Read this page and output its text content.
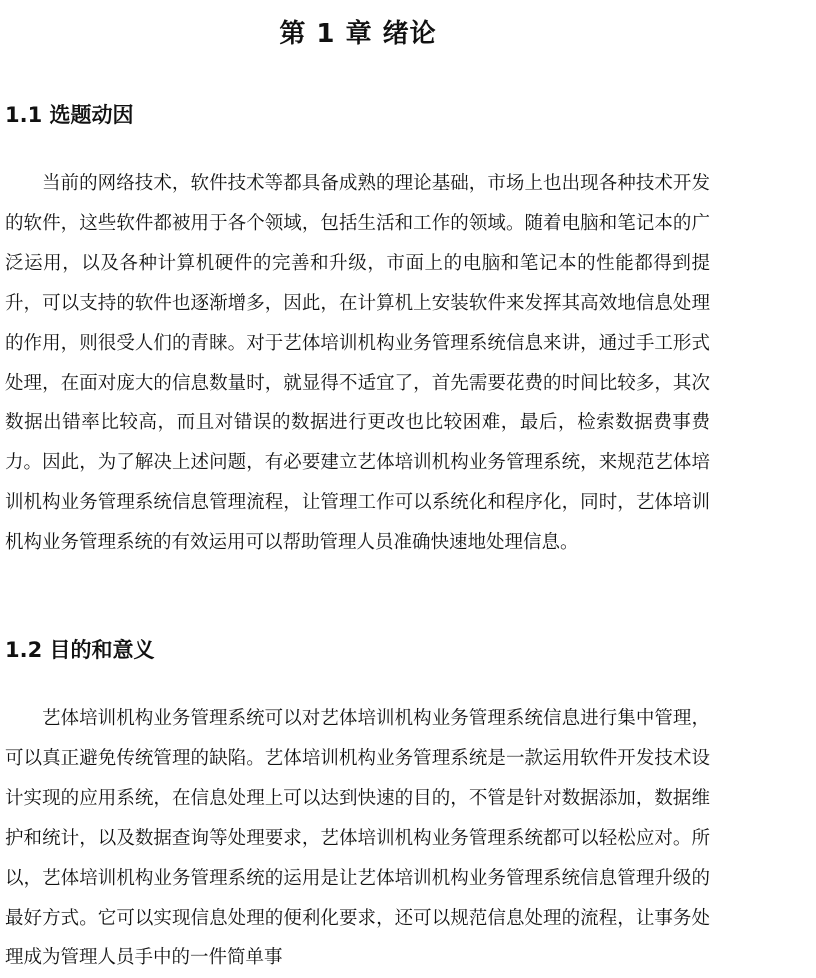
第 1 章 绪论
1.1 选题动因

当前的网络技术，软件技术等都具备成熟的理论基础，市场上也出现各种技术开发的软件，这些软件都被用于各个领域，包括生活和工作的领域。随着电脑和笔记本的广泛运用，以及各种计算机硬件的完善和升级，市面上的电脑和笔记本的性能都得到提升，可以支持的软件也逐渐增多，因此，在计算机上安装软件来发挥其高效地信息处理的作用，则很受人们的青睐。对于艺体培训机构业务管理系统信息来讲，通过手工形式处理，在面对庞大的信息数量时，就显得不适宜了，首先需要花费的时间比较多，其次数据出错率比较高，而且对错误的数据进行更改也比较困难，最后，检索数据费事费力。因此，为了解决上述问题，有必要建立艺体培训机构业务管理系统，来规范艺体培训机构业务管理系统信息管理流程，让管理工作可以系统化和程序化，同时，艺体培训机构业务管理系统的有效运用可以帮助管理人员准确快速地处理信息。

1.2 目的和意义

艺体培训机构业务管理系统可以对艺体培训机构业务管理系统信息进行集中管理，可以真正避免传统管理的缺陷。艺体培训机构业务管理系统是一款运用软件开发技术设计实现的应用系统，在信息处理上可以达到快速的目的，不管是针对数据添加，数据维护和统计，以及数据查询等处理要求，艺体培训机构业务管理系统都可以轻松应对。所以，艺体培训机构业务管理系统的运用是让艺体培训机构业务管理系统信息管理升级的最好方式。它可以实现信息处理的便利化要求，还可以规范信息处理的流程，让事务处理成为管理人员手中的一件简单事
